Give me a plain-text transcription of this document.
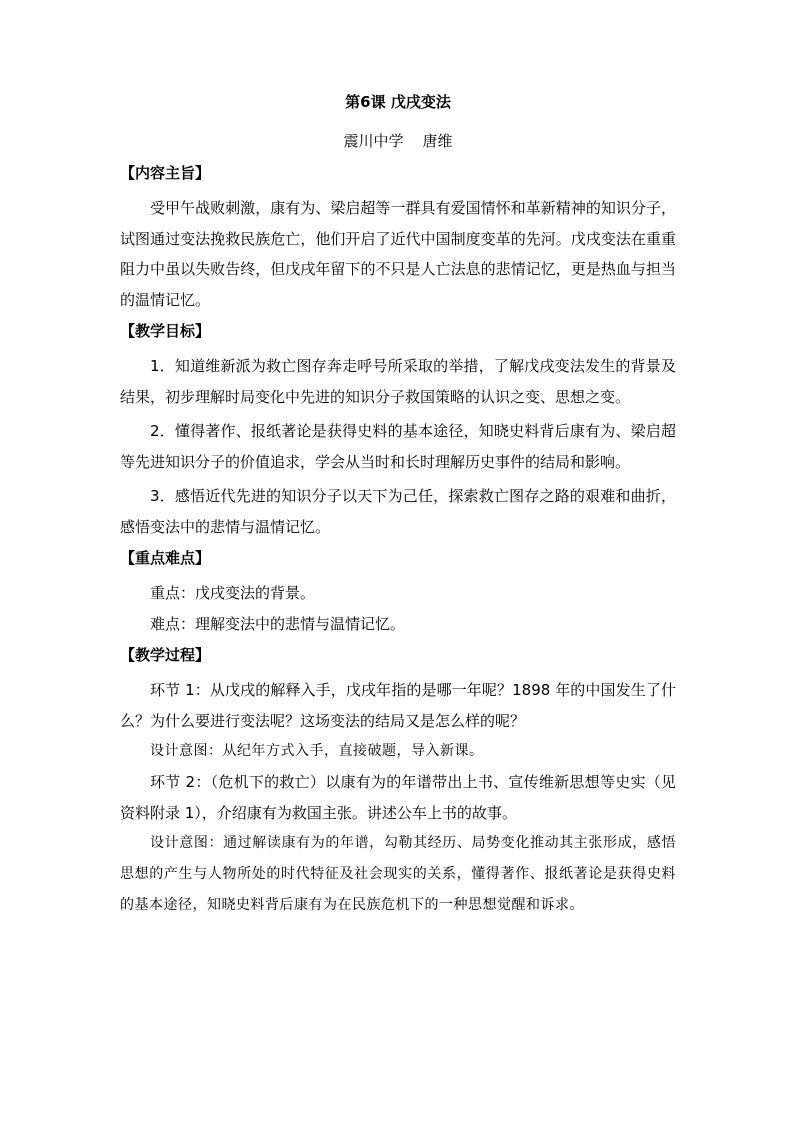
第6课 戊戌变法
震川中学    唐维
【内容主旨】

受甲午战败刺激，康有为、梁启超等一群具有爱国情怀和革新精神的知识分子，试图通过变法挽救民族危亡，他们开启了近代中国制度变革的先河。戊戌变法在重重阻力中虽以失败告终，但戊戌年留下的不只是人亡法息的悲情记忆，更是热血与担当的温情记忆。

【教学目标】

1．知道维新派为救亡图存奔走呼号所采取的举措，了解戊戌变法发生的背景及结果，初步理解时局变化中先进的知识分子救国策略的认识之变、思想之变。

2．懂得著作、报纸著论是获得史料的基本途径，知晓史料背后康有为、梁启超等先进知识分子的价值追求，学会从当时和长时理解历史事件的结局和影响。

3．感悟近代先进的知识分子以天下为己任，探索救亡图存之路的艰难和曲折，感悟变法中的悲情与温情记忆。

【重点难点】

重点：戊戌变法的背景。

难点：理解变法中的悲情与温情记忆。

【教学过程】

环节 1：从戊戌的解释入手，戊戌年指的是哪一年呢？1898 年的中国发生了什么？为什么要进行变法呢？这场变法的结局又是怎么样的呢？

设计意图：从纪年方式入手，直接破题，导入新课。

环节 2：（危机下的救亡）以康有为的年谱带出上书、宣传维新思想等史实（见资料附录 1），介绍康有为救国主张。讲述公车上书的故事。

设计意图：通过解读康有为的年谱，勾勒其经历、局势变化推动其主张形成，感悟思想的产生与人物所处的时代特征及社会现实的关系，懂得著作、报纸著论是获得史料的基本途径，知晓史料背后康有为在民族危机下的一种思想觉醒和诉求。
